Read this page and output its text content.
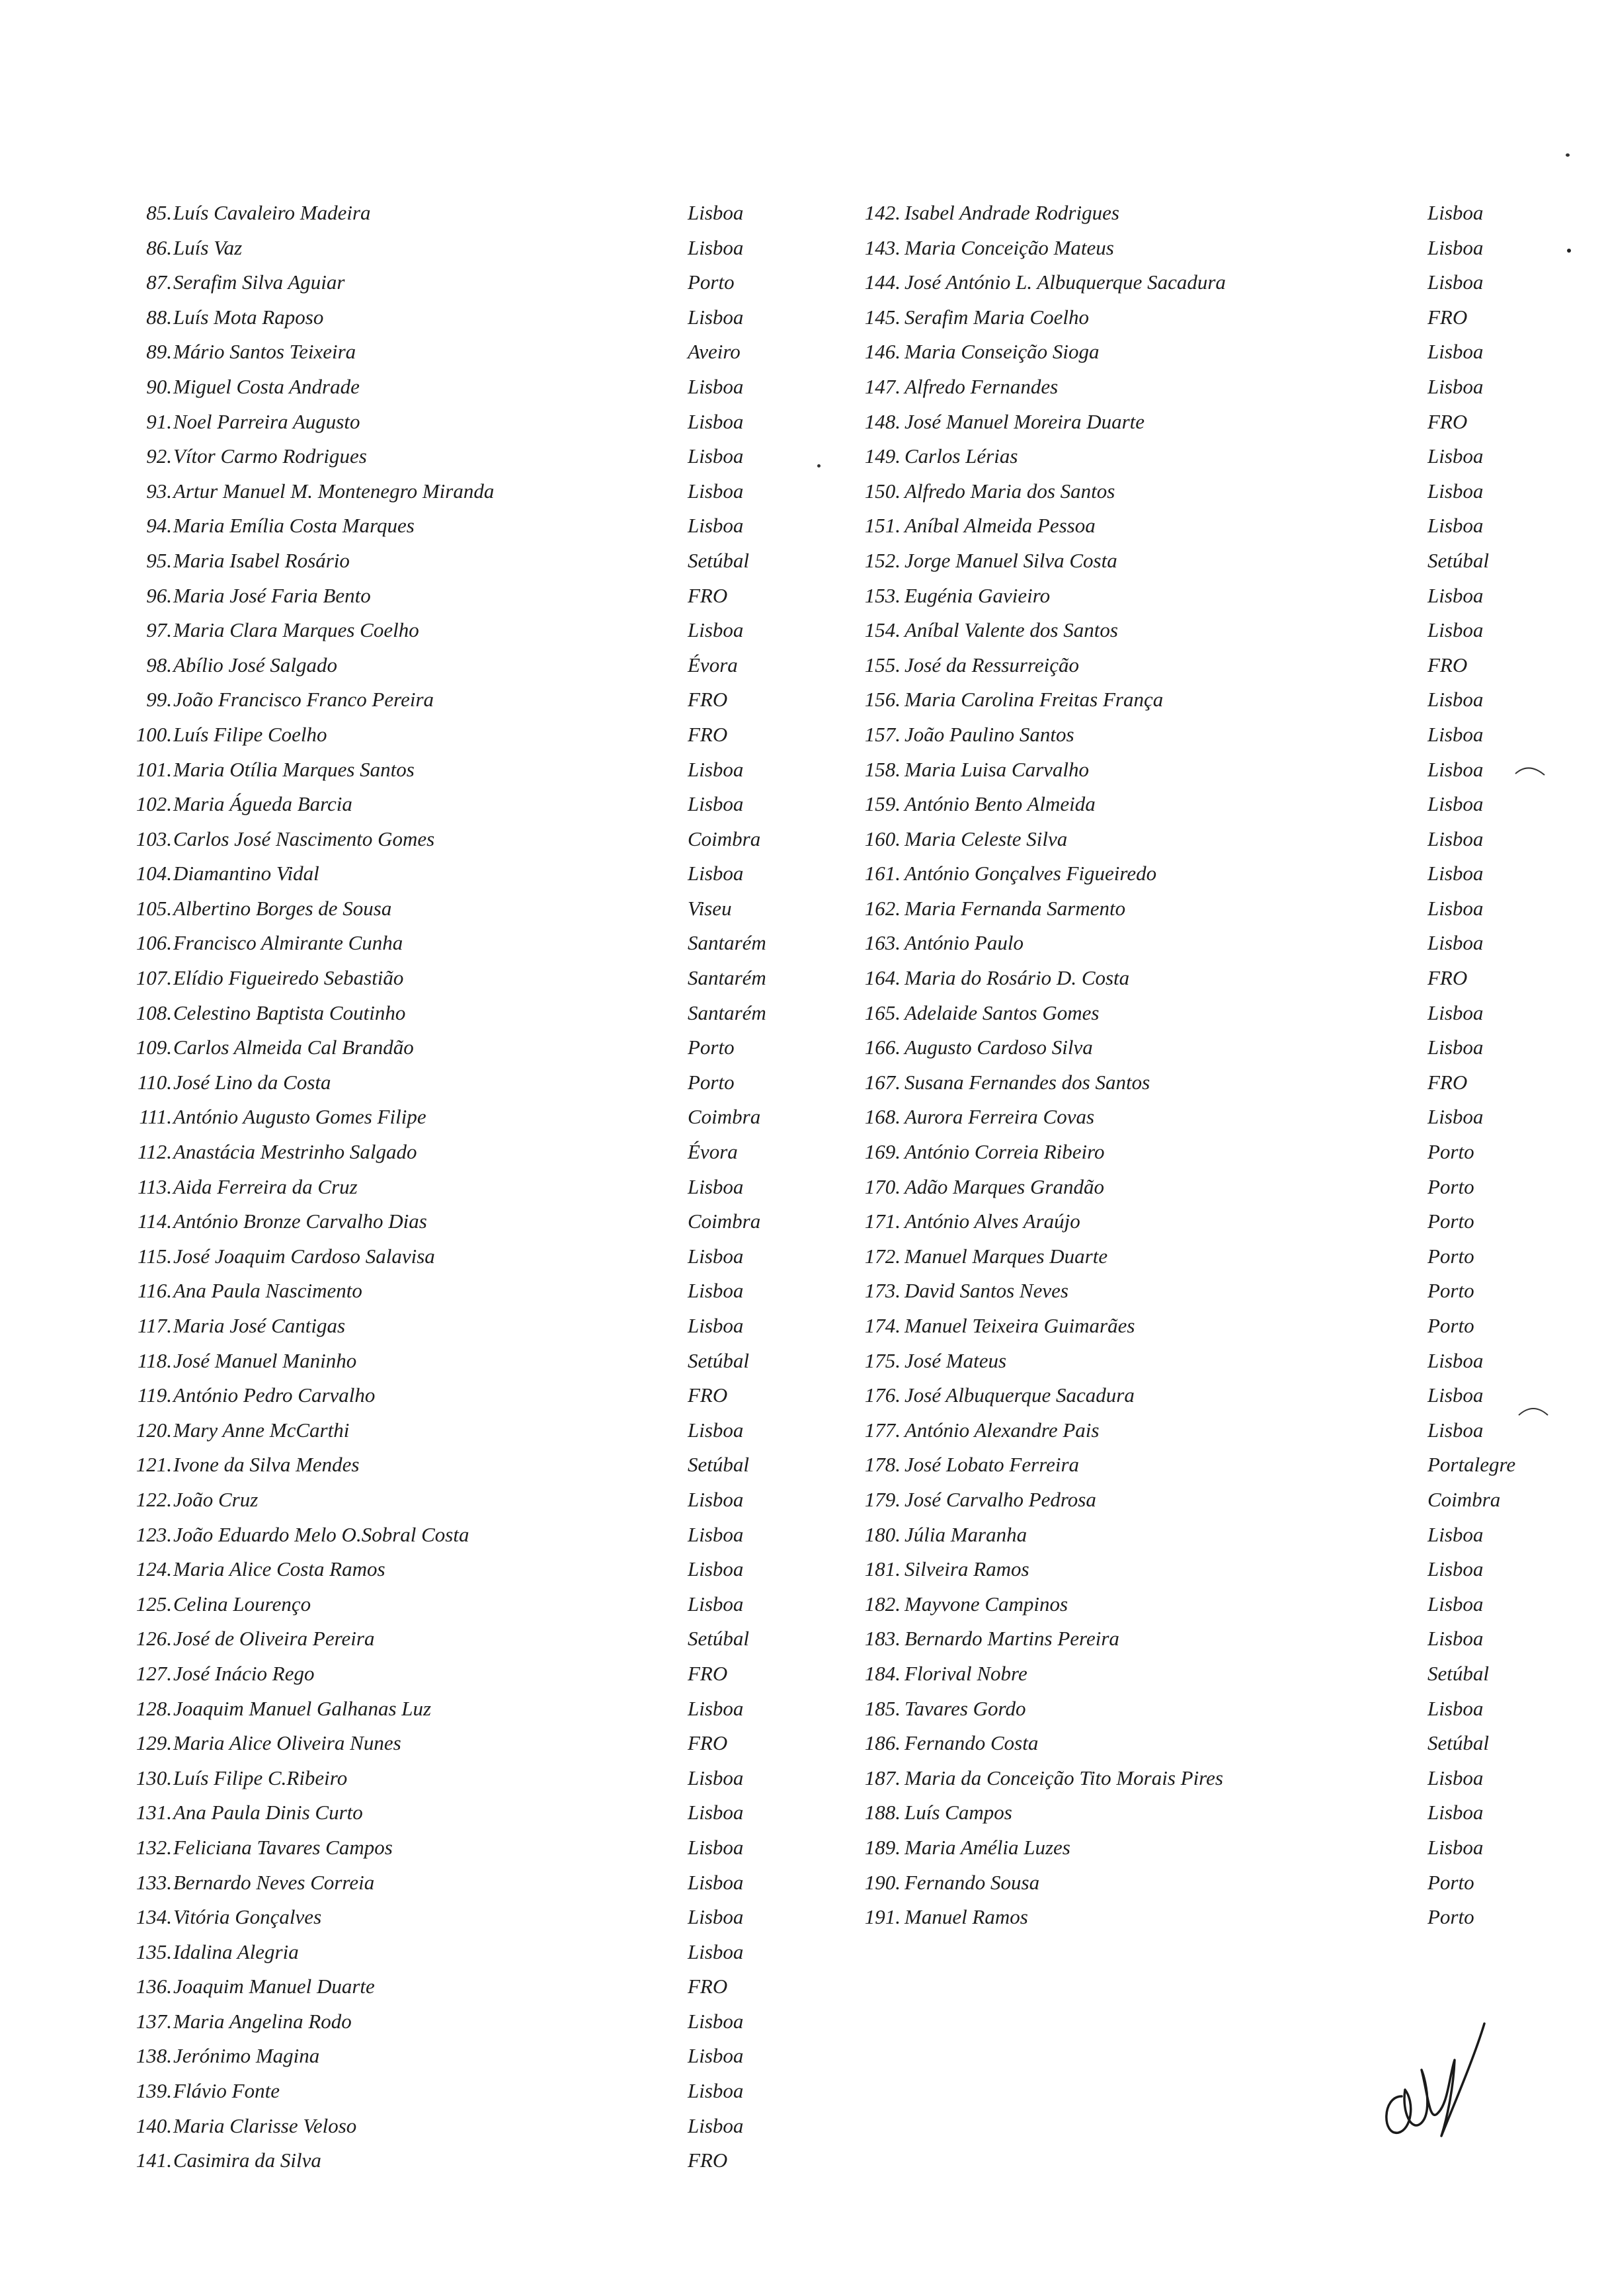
85. Luís Cavaleiro Madeira	Lisboa
86. Luís Vaz	Lisboa
87. Serafim Silva Aguiar	Porto
88. Luís Mota Raposo	Lisboa
89. Mário Santos Teixeira	Aveiro
90. Miguel Costa Andrade	Lisboa
91. Noel Parreira Augusto	Lisboa
92. Vítor Carmo Rodrigues	Lisboa
93. Artur Manuel M. Montenegro Miranda	Lisboa
94. Maria Emília Costa Marques	Lisboa
95. Maria Isabel Rosário	Setúbal
96. Maria José Faria Bento	FRO
97. Maria Clara Marques Coelho	Lisboa
98. Abílio José Salgado	Évora
99. João Francisco Franco Pereira	FRO
100. Luís Filipe Coelho	FRO
101. Maria Otília Marques Santos	Lisboa
102. Maria Águeda Barcia	Lisboa
103. Carlos José Nascimento Gomes	Coimbra
104. Diamantino Vidal	Lisboa
105. Albertino Borges de Sousa	Viseu
106. Francisco Almirante Cunha	Santarém
107. Elídio Figueiredo Sebastião	Santarém
108. Celestino Baptista Coutinho	Santarém
109. Carlos Almeida Cal Brandão	Porto
110. José Lino da Costa	Porto
111. António Augusto Gomes Filipe	Coimbra
112. Anastácia Mestrinho Salgado	Évora
113. Aida Ferreira da Cruz	Lisboa
114. António Bronze Carvalho Dias	Coimbra
115. José Joaquim Cardoso Salavisa	Lisboa
116. Ana Paula Nascimento	Lisboa
117. Maria José Cantigas	Lisboa
118. José Manuel Maninho	Setúbal
119. António Pedro Carvalho	FRO
120. Mary Anne McCarthi	Lisboa
121. Ivone da Silva Mendes	Setúbal
122. João Cruz	Lisboa
123. João Eduardo Melo O.Sobral Costa	Lisboa
124. Maria Alice Costa Ramos	Lisboa
125. Celina Lourenço	Lisboa
126. José de Oliveira Pereira	Setúbal
127. José Inácio Rego	FRO
128. Joaquim Manuel Galhanas Luz	Lisboa
129. Maria Alice Oliveira Nunes	FRO
130. Luís Filipe C.Ribeiro	Lisboa
131. Ana Paula Dinis Curto	Lisboa
132. Feliciana Tavares Campos	Lisboa
133. Bernardo Neves Correia	Lisboa
134. Vitória Gonçalves	Lisboa
135. Idalina Alegria	Lisboa
136. Joaquim Manuel Duarte	FRO
137. Maria Angelina Rodo	Lisboa
138. Jerónimo Magina	Lisboa
139. Flávio Fonte	Lisboa
140. Maria Clarisse Veloso	Lisboa
141. Casimira da Silva	FRO
142. Isabel Andrade Rodrigues	Lisboa
143. Maria Conceição Mateus	Lisboa
144. José António L. Albuquerque Sacadura	Lisboa
145. Serafim Maria Coelho	FRO
146. Maria Conseição Sioga	Lisboa
147. Alfredo Fernandes	Lisboa
148. José Manuel Moreira Duarte	FRO
149. Carlos Lérias	Lisboa
150. Alfredo Maria dos Santos	Lisboa
151. Aníbal Almeida Pessoa	Lisboa
152. Jorge Manuel Silva Costa	Setúbal
153. Eugénia Gavieiro	Lisboa
154. Aníbal Valente dos Santos	Lisboa
155. José da Ressurreição	FRO
156. Maria Carolina Freitas França	Lisboa
157. João Paulino Santos	Lisboa
158. Maria Luisa Carvalho	Lisboa
159. António Bento Almeida	Lisboa
160. Maria Celeste Silva	Lisboa
161. António Gonçalves Figueiredo	Lisboa
162. Maria Fernanda Sarmento	Lisboa
163. António Paulo	Lisboa
164. Maria do Rosário D. Costa	FRO
165. Adelaide Santos Gomes	Lisboa
166. Augusto Cardoso Silva	Lisboa
167. Susana Fernandes dos Santos	FRO
168. Aurora Ferreira Covas	Lisboa
169. António Correia Ribeiro	Porto
170. Adão Marques Grandão	Porto
171. António Alves Araújo	Porto
172. Manuel Marques Duarte	Porto
173. David Santos Neves	Porto
174. Manuel Teixeira Guimarães	Porto
175. José Mateus	Lisboa
176. José Albuquerque Sacadura	Lisboa
177. António Alexandre Pais	Lisboa
178. José Lobato Ferreira	Portalegre
179. José Carvalho Pedrosa	Coimbra
180. Júlia Maranha	Lisboa
181. Silveira Ramos	Lisboa
182. Mayvone Campinos	Lisboa
183. Bernardo Martins Pereira	Lisboa
184. Florival Nobre	Setúbal
185. Tavares Gordo	Lisboa
186. Fernando Costa	Setúbal
187. Maria da Conceição Tito Morais Pires	Lisboa
188. Luís Campos	Lisboa
189. Maria Amélia Luzes	Lisboa
190. Fernando Sousa	Porto
191. Manuel Ramos	Porto
